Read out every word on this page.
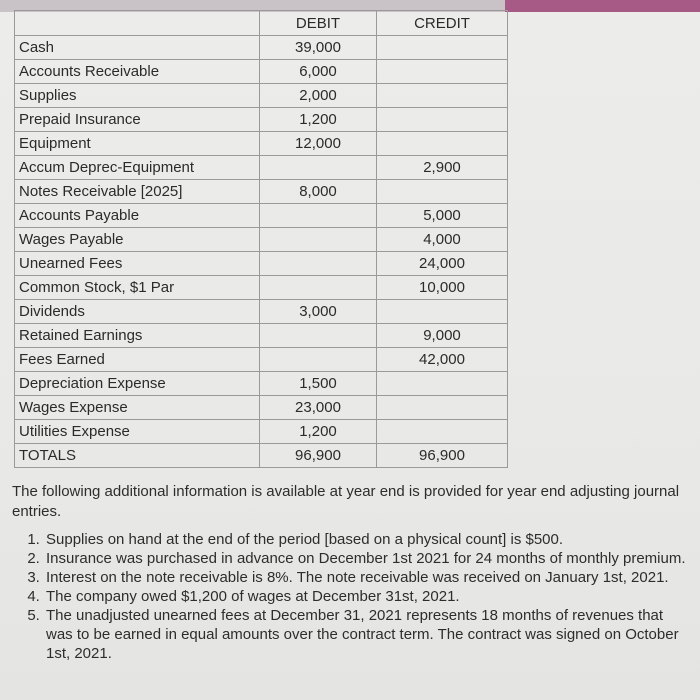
	DEBIT	CREDIT
Cash	39,000	
Accounts Receivable	6,000	
Supplies	2,000	
Prepaid Insurance	1,200	
Equipment	12,000	
Accum Deprec-Equipment		2,900
Notes Receivable [2025]	8,000	
Accounts Payable		5,000
Wages Payable		4,000
Unearned Fees		24,000
Common Stock, $1 Par		10,000
Dividends	3,000	
Retained Earnings		9,000
Fees Earned		42,000
Depreciation Expense	1,500	
Wages Expense	23,000	
Utilities Expense	1,200	
TOTALS	96,900	96,900

The following additional information is available at year end is provided for year end adjusting journal entries.

1. Supplies on hand at the end of the period [based on a physical count] is $500.
2. Insurance was purchased in advance on December 1st 2021 for 24 months of monthly premium.
3. Interest on the note receivable is 8%. The note receivable was received on January 1st, 2021.
4. The company owed $1,200 of wages at December 31st, 2021.
5. The unadjusted unearned fees at December 31, 2021 represents 18 months of revenues that was to be earned in equal amounts over the contract term. The contract was signed on October 1st, 2021.
